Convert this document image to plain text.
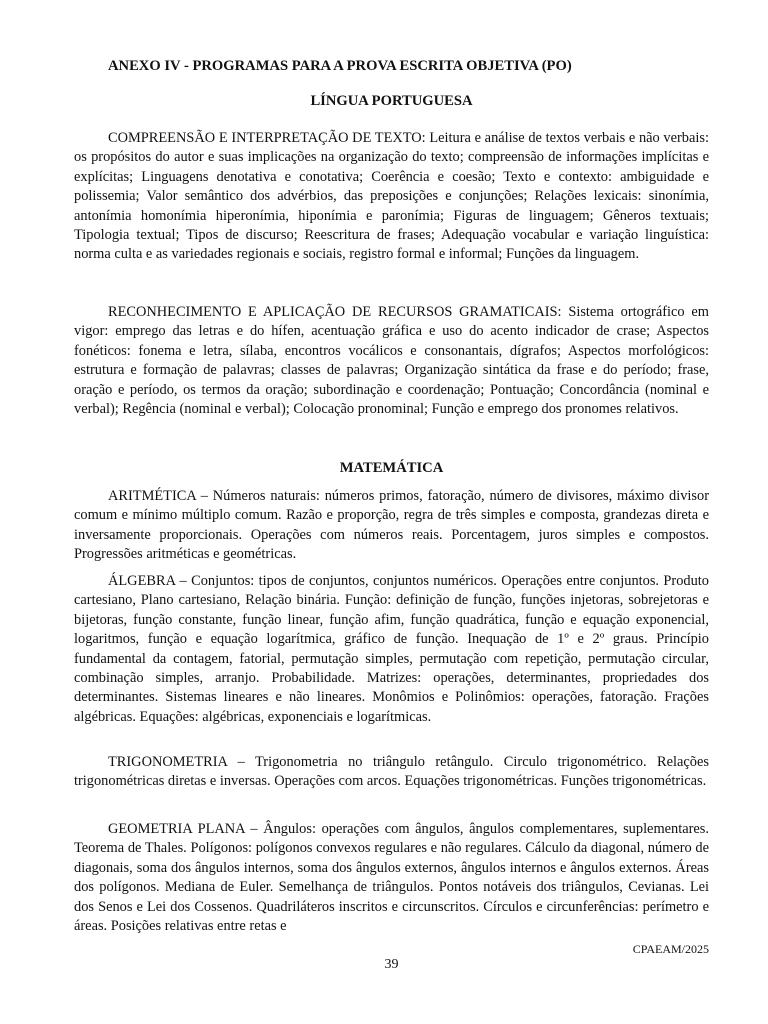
ANEXO IV - PROGRAMAS PARA A PROVA ESCRITA OBJETIVA (PO)
LÍNGUA PORTUGUESA

COMPREENSÃO E INTERPRETAÇÃO DE TEXTO: Leitura e análise de textos verbais e não verbais: os propósitos do autor e suas implicações na organização do texto; compreensão de informações implícitas e explícitas; Linguagens denotativa e conotativa; Coerência e coesão; Texto e contexto: ambiguidade e polissemia; Valor semântico dos advérbios, das preposições e conjunções; Relações lexicais: sinonímia, antonímia homonímia hiperonímia, hiponímia e paronímia; Figuras de linguagem; Gêneros textuais; Tipologia textual; Tipos de discurso; Reescritura de frases; Adequação vocabular e variação linguística: norma culta e as variedades regionais e sociais, registro formal e informal; Funções da linguagem.

RECONHECIMENTO E APLICAÇÃO DE RECURSOS GRAMATICAIS: Sistema ortográfico em vigor: emprego das letras e do hífen, acentuação gráfica e uso do acento indicador de crase; Aspectos fonéticos: fonema e letra, sílaba, encontros vocálicos e consonantais, dígrafos; Aspectos morfológicos: estrutura e formação de palavras; classes de palavras; Organização sintática da frase e do período; frase, oração e período, os termos da oração; subordinação e coordenação; Pontuação; Concordância (nominal e verbal); Regência (nominal e verbal); Colocação pronominal; Função e emprego dos pronomes relativos.

MATEMÁTICA

ARITMÉTICA – Números naturais: números primos, fatoração, número de divisores, máximo divisor comum e mínimo múltiplo comum. Razão e proporção, regra de três simples e composta, grandezas direta e inversamente proporcionais. Operações com números reais. Porcentagem, juros simples e compostos. Progressões aritméticas e geométricas.

ÁLGEBRA – Conjuntos: tipos de conjuntos, conjuntos numéricos. Operações entre conjuntos. Produto cartesiano, Plano cartesiano, Relação binária. Função: definição de função, funções injetoras, sobrejetoras e bijetoras, função constante, função linear, função afim, função quadrática, função e equação exponencial, logaritmos, função e equação logarítmica, gráfico de função. Inequação de 1º e 2º graus. Princípio fundamental da contagem, fatorial, permutação simples, permutação com repetição, permutação circular, combinação simples, arranjo. Probabilidade. Matrizes: operações, determinantes, propriedades dos determinantes. Sistemas lineares e não lineares. Monômios e Polinômios: operações, fatoração. Frações algébricas. Equações: algébricas, exponenciais e logarítmicas.

TRIGONOMETRIA – Trigonometria no triângulo retângulo. Circulo trigonométrico. Relações trigonométricas diretas e inversas. Operações com arcos. Equações trigonométricas. Funções trigonométricas.

GEOMETRIA PLANA – Ângulos: operações com ângulos, ângulos complementares, suplementares. Teorema de Thales. Polígonos: polígonos convexos regulares e não regulares. Cálculo da diagonal, número de diagonais, soma dos ângulos internos, soma dos ângulos externos, ângulos internos e ângulos externos. Áreas dos polígonos. Mediana de Euler. Semelhança de triângulos. Pontos notáveis dos triângulos, Cevianas. Lei dos Senos e Lei dos Cossenos. Quadriláteros inscritos e circunscritos. Círculos e circunferências: perímetro e áreas. Posições relativas entre retas e

CPAEAM/2025
39
